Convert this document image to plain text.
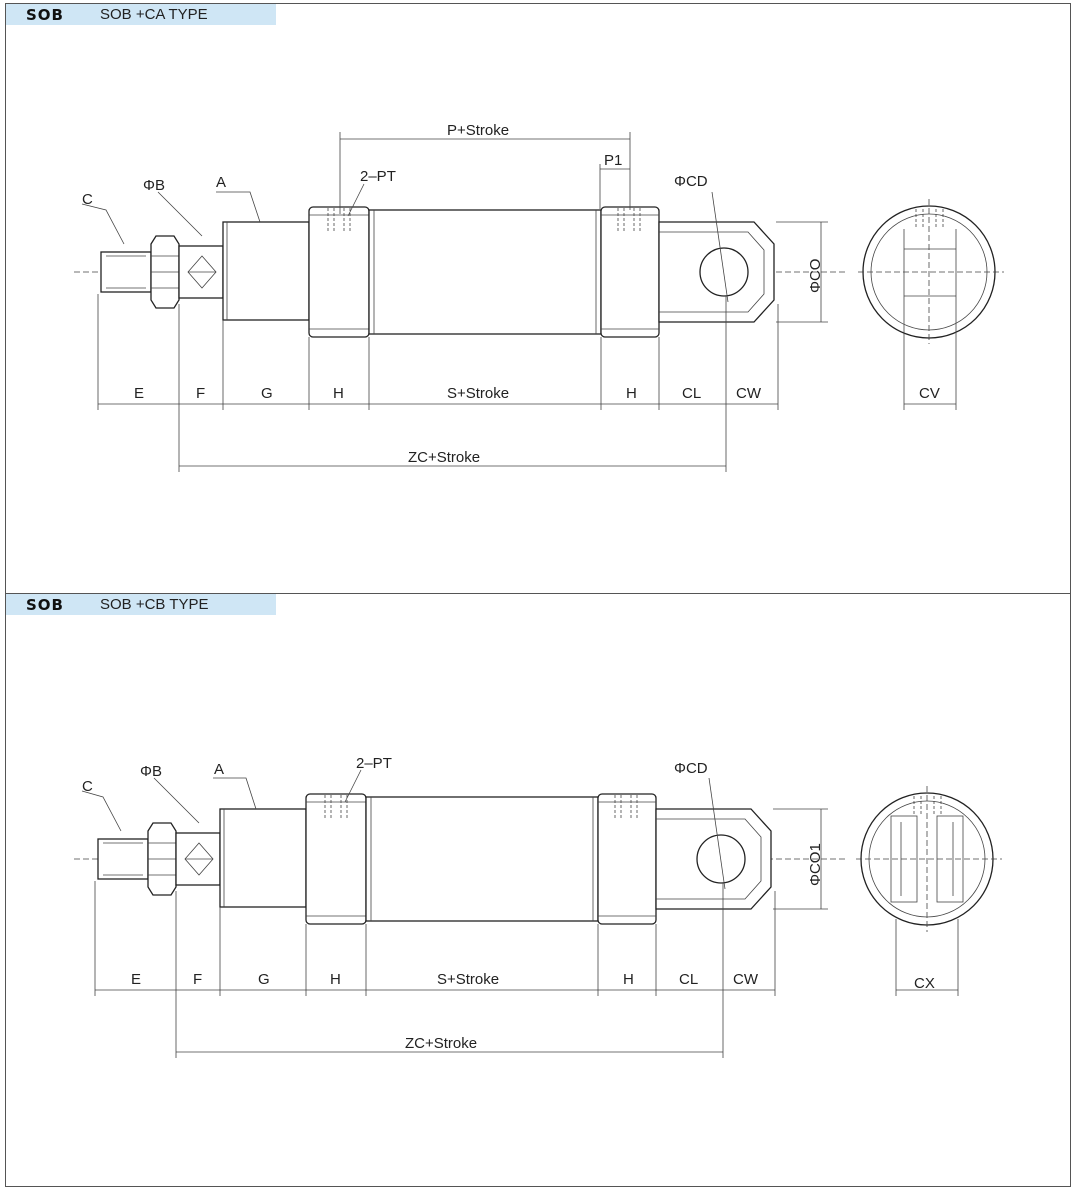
SOB SOB +CA TYPE
C
ΦB	A	2–PT
P+Stroke
P1
ΦCD
ΦCO
E	F	G	H	S+Stroke	H	CL CW	CV
ZC+Stroke
SOB SOB +CB TYPE
C
ΦB	A	2–PT	ΦCD
ΦCO1
E	F	G	H	S+Stroke	H	CL CW	CX
ZC+Stroke
